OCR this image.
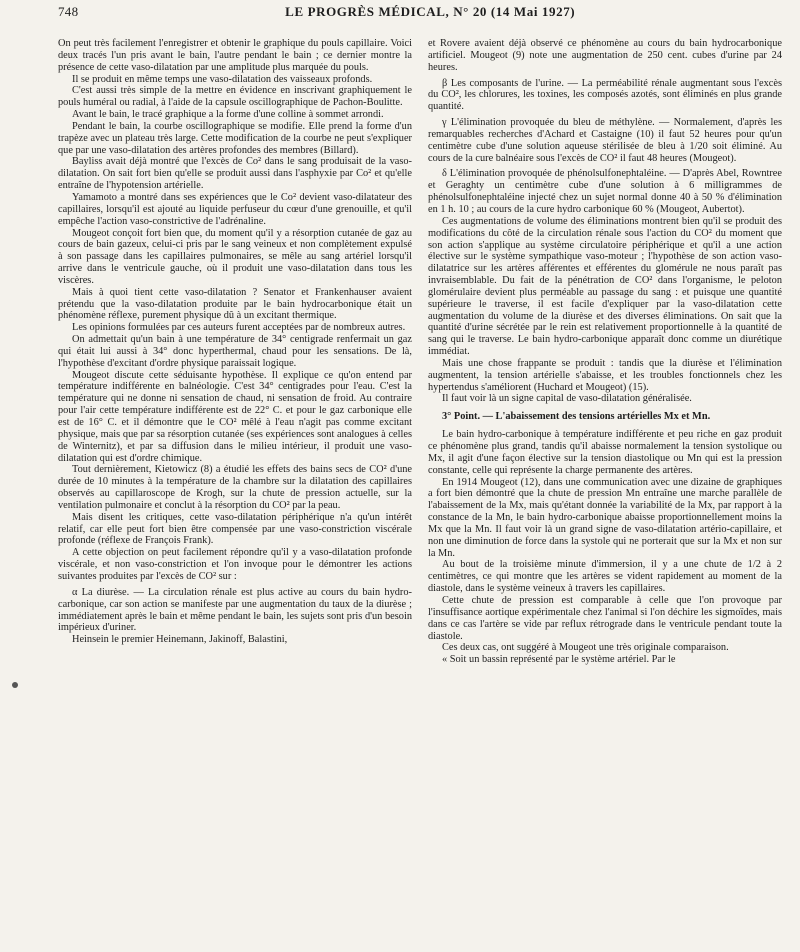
748	LE PROGRÈS MÉDICAL, N° 20 (14 Mai 1927)

On peut très facilement l'enregistrer et obtenir le graphique du pouls capillaire. Voici deux tracés l'un pris avant le bain, l'autre pendant le bain ; ce dernier montre la présence de cette vaso-dilatation par une amplitude plus marquée du pouls.

Il se produit en même temps une vaso-dilatation des vaisseaux profonds.

C'est aussi très simple de la mettre en évidence en inscrivant graphiquement le pouls huméral ou radial, à l'aide de la capsule oscillographique de Pachon-Boulitte.

Avant le bain, le tracé graphique a la forme d'une colline à sommet arrondi.

Pendant le bain, la courbe oscillographique se modifie. Elle prend la forme d'un trapèze avec un plateau très large. Cette modification de la courbe ne peut s'expliquer que par une vaso-dilatation des artères profondes des membres (Billard).

Bayliss avait déjà montré que l'excès de Co² dans le sang produisait de la vaso-dilatation. On sait fort bien qu'elle se produit aussi dans l'asphyxie par Co² et qu'elle entraîne de l'hypotension artérielle.

Yamamoto a montré dans ses expériences que le Co² devient vaso-dilatateur des capillaires, lorsqu'il est ajouté au liquide perfuseur du cœur d'une grenouille, et qu'il empêche l'action vaso-constrictive de l'adrénaline.

Mougeot conçoit fort bien que, du moment qu'il y a résorption cutanée de gaz au cours de bain gazeux, celui-ci pris par le sang veineux et non complètement expulsé à son passage dans les capillaires pulmonaires, se mêle au sang artériel lorsqu'il arrive dans le ventricule gauche, où il produit une vaso-dilatation dans tous les viscères.

Mais à quoi tient cette vaso-dilatation ? Senator et Frankenhauser avaient prétendu que la vaso-dilatation produite par le bain hydrocarbonique était un phénomène réflexe, purement physique dû à un excitant thermique.

Les opinions formulées par ces auteurs furent acceptées par de nombreux autres.

On admettait qu'un bain à une température de 34° centigrade renfermait un gaz qui était lui aussi à 34° donc hyperthermal, chaud pour les sensations. De là, l'hypothèse d'excitant d'ordre physique paraissait logique.

Mougeot discute cette séduisante hypothèse. Il explique ce qu'on entend par température indifférente en balnéologie. C'est 34° centigrades pour l'eau. C'est la température qui ne donne ni sensation de chaud, ni sensation de froid. Au contraire pour l'air cette température indifférente est de 22° C. et pour le gaz carbonique elle est de 16° C. et il démontre que le CO² mêlé à l'eau n'agit pas comme excitant physique, mais que par sa résorption cutanée (ses expériences sont analogues à celles de Winternitz), et par sa diffusion dans le milieu intérieur, il produit une vaso-dilatation qui est d'ordre chimique.

Tout dernièrement, Kietowicz (8) a étudié les effets des bains secs de CO² d'une durée de 10 minutes à la température de la chambre sur la dilatation des capillaires observés au capillaroscope de Krogh, sur la chute de pression actuelle, sur la ventilation pulmonaire et conclut à la résorption du CO² par la peau.

Mais disent les critiques, cette vaso-dilatation périphérique n'a qu'un intérêt relatif, car elle peut fort bien être compensée par une vaso-constriction viscérale profonde (réflexe de François Frank).

A cette objection on peut facilement répondre qu'il y a vaso-dilatation profonde viscérale, et non vaso-constriction et l'on invoque pour le démontrer les actions suivantes produites par l'excès de CO² sur :

α La diurèse. — La circulation rénale est plus active au cours du bain hydro-carbonique, car son action se manifeste par une augmentation du taux de la diurèse ; immédiatement après le bain et même pendant le bain, les sujets sont pris d'un besoin impérieux d'uriner.

Heinsein le premier Heinemann, Jakinoff, Balastini,

et Rovere avaient déjà observé ce phénomène au cours du bain hydrocarbonique artificiel. Mougeot (9) note une augmentation de 250 cent. cubes d'urine par 24 heures.

β Les composants de l'urine. — La perméabilité rénale augmentant sous l'excès du CO², les chlorures, les toxines, les composés azotés, sont éliminés en plus grande quantité.

γ L'élimination provoquée du bleu de méthylène. — Normalement, d'après les remarquables recherches d'Achard et Castaigne (10) il faut 52 heures pour qu'un centimètre cube d'une solution aqueuse stérilisée de bleu à 1/20 soit éliminé. Au cours de la cure balnéaire sous l'excès de CO² il faut 48 heures (Mougeot).

δ L'élimination provoquée de phénolsulfonephtaléine. — D'après Abel, Rowntree et Geraghty un centimètre cube d'une solution à 6 milligrammes de phénolsulfonephtaléine injecté chez un sujet normal donne 40 à 50 % d'élimination en 1 h. 10 ; au cours de la cure hydro carbonique 60 % (Mougeot, Aubertot).

Ces augmentations de volume des éliminations montrent bien qu'il se produit des modifications du côté de la circulation rénale sous l'action du CO² du moment que son action s'applique au système circulatoire périphérique et qu'il a une action élective sur le système sympathique vaso-moteur ; l'hypothèse de son action vaso-dilatatrice sur les artères afférentes et efférentes du glomérule ne nous paraît pas invraisemblable. Du fait de la pénétration de CO² dans l'organisme, le peloton glomérulaire devient plus perméable au passage du sang : et puisque une quantité supérieure le traverse, il est facile d'expliquer par la vaso-dilatation cette augmentation du volume de la diurèse et des diverses éliminations. On sait que la quantité d'urine sécrétée par le rein est relativement proportionnelle à la quantité de sang qui le traverse. Le bain hydro-carbonique apparaît donc comme un diurétique immédiat.

Mais une chose frappante se produit : tandis que la diurèse et l'élimination augmentent, la tension artérielle s'abaisse, et les troubles fonctionnels chez les hypertendus s'améliorent (Huchard et Mougeot) (15).

Il faut voir là un signe capital de vaso-dilatation généralisée.

3° Point. — L'abaissement des tensions artérielles Mx et Mn.

Le bain hydro-carbonique à température indifférente et peu riche en gaz produit ce phénomène plus grand, tandis qu'il abaisse normalement la tension systolique ou Mx, il agit d'une façon élective sur la tension diastolique ou Mn qui est la pression constante, celle qui représente la charge permanente des artères.

En 1914 Mougeot (12), dans une communication avec une dizaine de graphiques a fort bien démontré que la chute de pression Mn entraîne une marche parallèle de l'abaissement de la Mx, mais qu'étant donnée la variabilité de la Mx, par rapport à la constance de la Mn, le bain hydro-carbonique abaisse proportionnellement moins la Mx que la Mn. Il faut voir là un grand signe de vaso-dilatation artério-capillaire, et non une diminution de force dans la systole qui ne porterait que sur la Mx et non sur la Mn.

Au bout de la troisième minute d'immersion, il y a une chute de 1/2 à 2 centimètres, ce qui montre que les artères se vident rapidement au moment de la diastole, dans le système veineux à travers les capillaires.

Cette chute de pression est comparable à celle que l'on provoque par l'insuffisance aortique expérimentale chez l'animal si l'on déchire les sigmoïdes, mais dans ce cas l'artère se vide par reflux rétrograde dans le ventricule pendant toute la diastole.

Ces deux cas, ont suggéré à Mougeot une très originale comparaison.

« Soit un bassin représenté par le système artériel. Par le
